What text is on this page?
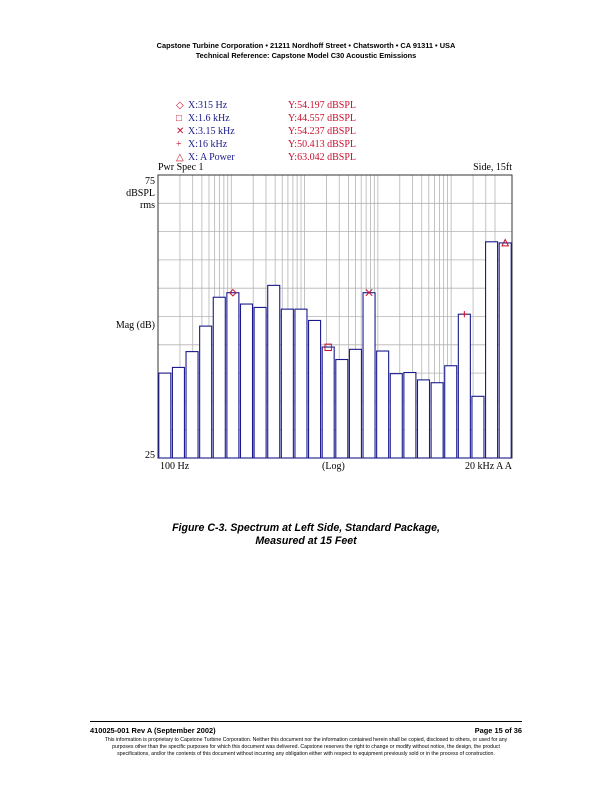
Capstone Turbine Corporation • 21211 Nordhoff Street • Chatsworth • CA 91311 • USA
Technical Reference: Capstone Model C30 Acoustic Emissions
◇ X:315 Hz	Y:54.197 dBSPL
□ X:1.6 kHz	Y:44.557 dBSPL
✕ X:3.15 kHz	Y:54.237 dBSPL
+ X:16 kHz	Y:50.413 dBSPL
△ X: A Power	Y:63.042 dBSPL
Pwr Spec 1	Side, 15ft
75
dBSPL
rms
Mag (dB)
25
100 Hz	(Log)	20 kHz A A
Figure C-3. Spectrum at Left Side, Standard Package,
Measured at 15 Feet
410025-001 Rev A (September 2002)	Page 15 of 36
This information is proprietary to Capstone Turbine Corporation. Neither this document nor the information contained herein shall be copied, disclosed to others, or used for any
purposes other than the specific purposes for which this document was delivered. Capstone reserves the right to change or modify without notice, the design, the product
specifications, and/or the contents of this document without incurring any obligation either with respect to equipment previously sold or in the process of construction.
